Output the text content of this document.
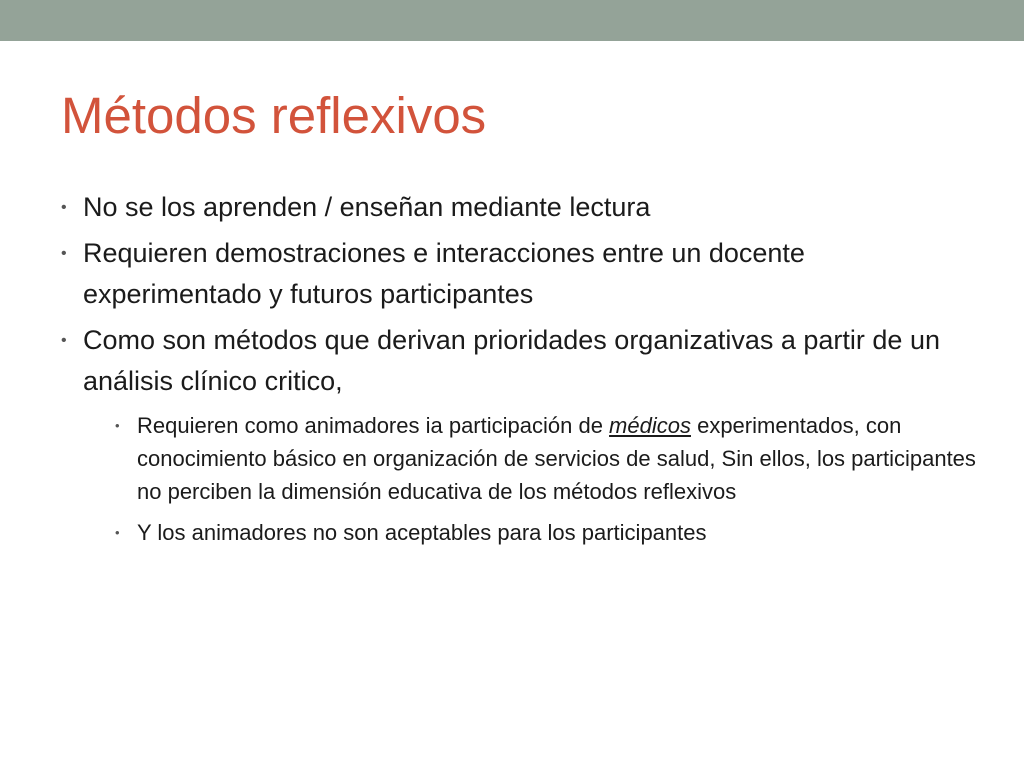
Métodos reflexivos
• No se los aprenden / enseñan mediante lectura
• Requieren demostraciones e interacciones entre un docente experimentado y futuros participantes
• Como son métodos que derivan prioridades organizativas a partir de un análisis clínico critico,
• Requieren como animadores ia participación de médicos experimentados, con conocimiento básico en organización de servicios de salud, Sin ellos, los participantes no perciben la dimensión educativa de los métodos reflexivos
• Y los animadores no son aceptables para los participantes
